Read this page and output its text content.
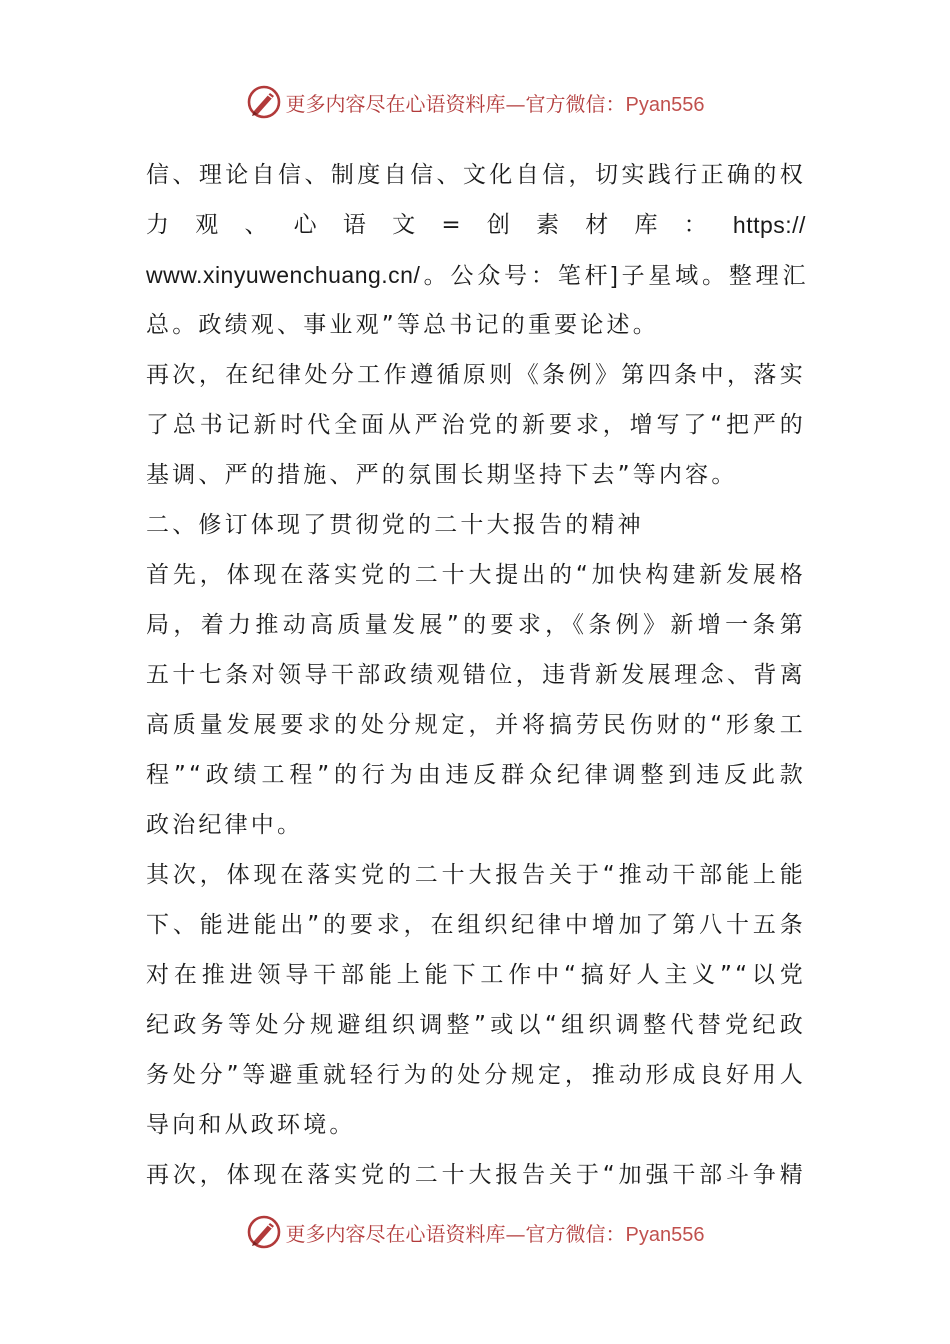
更多内容尽在心语资料库—官方微信：Pyan556

信、理论自信、制度自信、文化自信，切实践行正确的权

力 观 、 心 语 文 = 创 素 材 库 ： https://

www.xinyuwenchuang.cn/。公众号：笔杆]子星域。整理汇

总。政绩观、事业观”等总书记的重要论述。

再次，在纪律处分工作遵循原则《条例》第四条中，落实

了总书记新时代全面从严治党的新要求，增写了“把严的

基调、严的措施、严的氛围长期坚持下去”等内容。

二、修订体现了贯彻党的二十大报告的精神

首先，体现在落实党的二十大提出的“加快构建新发展格

局，着力推动高质量发展”的要求，《条例》新增一条第

五十七条对领导干部政绩观错位，违背新发展理念、背离

高质量发展要求的处分规定，并将搞劳民伤财的“形象工

程”“政绩工程”的行为由违反群众纪律调整到违反此款

政治纪律中。

其次，体现在落实党的二十大报告关于“推动干部能上能

下、能进能出”的要求，在组织纪律中增加了第八十五条

对在推进领导干部能上能下工作中“搞好人主义”“以党

纪政务等处分规避组织调整”或以“组织调整代替党纪政

务处分”等避重就轻行为的处分规定，推动形成良好用人

导向和从政环境。

再次，体现在落实党的二十大报告关于“加强干部斗争精

更多内容尽在心语资料库—官方微信：Pyan556
